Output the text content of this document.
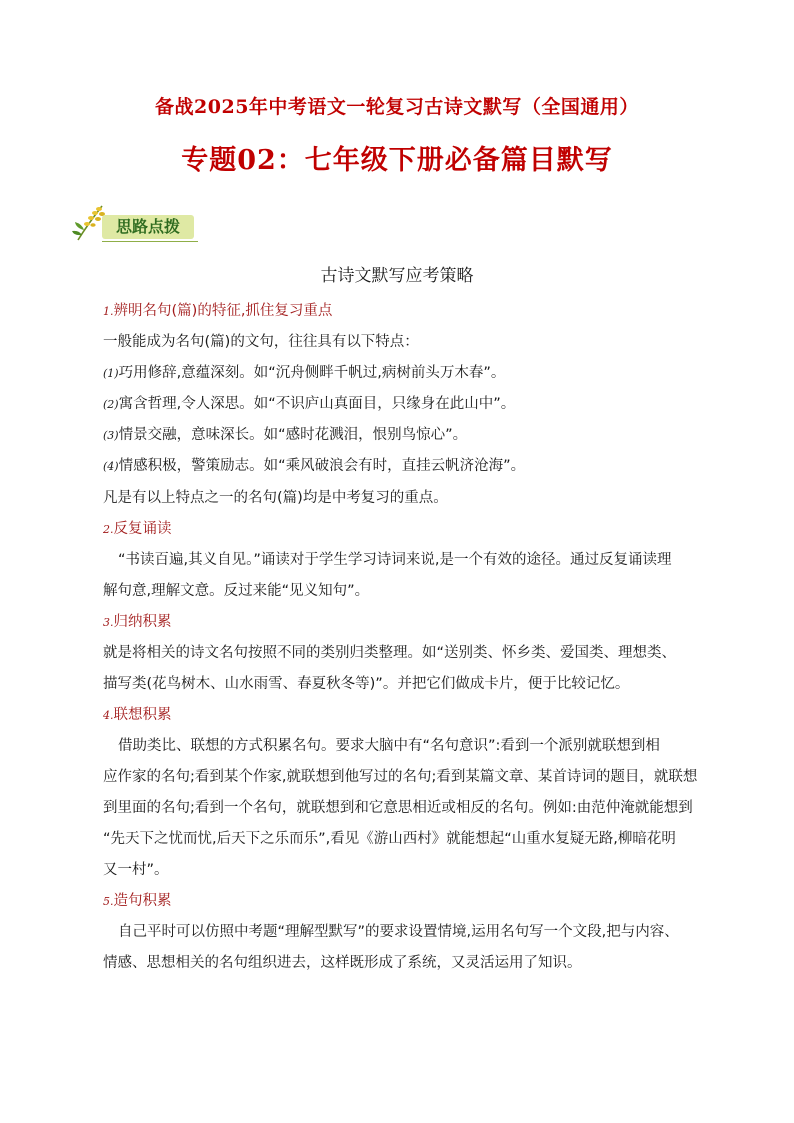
备战2025年中考语文一轮复习古诗文默写（全国通用）
专题02：七年级下册必备篇目默写
思路点拨
古诗文默写应考策略
1.辨明名句(篇)的特征,抓住复习重点
一般能成为名句(篇)的文句，往往具有以下特点：
(1)巧用修辞,意蕴深刻。如“沉舟侧畔千帆过,病树前头万木春”。
(2)寓含哲理,令人深思。如“不识庐山真面目，只缘身在此山中”。
(3)情景交融，意味深长。如“感时花溅泪，恨别鸟惊心”。
(4)情感积极，警策励志。如“乘风破浪会有时，直挂云帆济沧海”。
凡是有以上特点之一的名句(篇)均是中考复习的重点。
2.反复诵读
“书读百遍,其义自见。”诵读对于学生学习诗词来说,是一个有效的途径。通过反复诵读理
解句意,理解文意。反过来能“见义知句”。
3.归纳积累
就是将相关的诗文名句按照不同的类别归类整理。如“送别类、怀乡类、爱国类、理想类、
描写类(花鸟树木、山水雨雪、春夏秋冬等)”。并把它们做成卡片，便于比较记忆。
4.联想积累
借助类比、联想的方式积累名句。要求大脑中有“名句意识”:看到一个派别就联想到相
应作家的名句;看到某个作家,就联想到他写过的名句;看到某篇文章、某首诗词的题目，就联想
到里面的名句;看到一个名句，就联想到和它意思相近或相反的名句。例如:由范仲淹就能想到
“先天下之忧而忧,后天下之乐而乐”,看见《游山西村》就能想起“山重水复疑无路,柳暗花明
又一村”。
5.造句积累
自己平时可以仿照中考题“理解型默写”的要求设置情境,运用名句写一个文段,把与内容、
情感、思想相关的名句组织进去，这样既形成了系统，又灵活运用了知识。
